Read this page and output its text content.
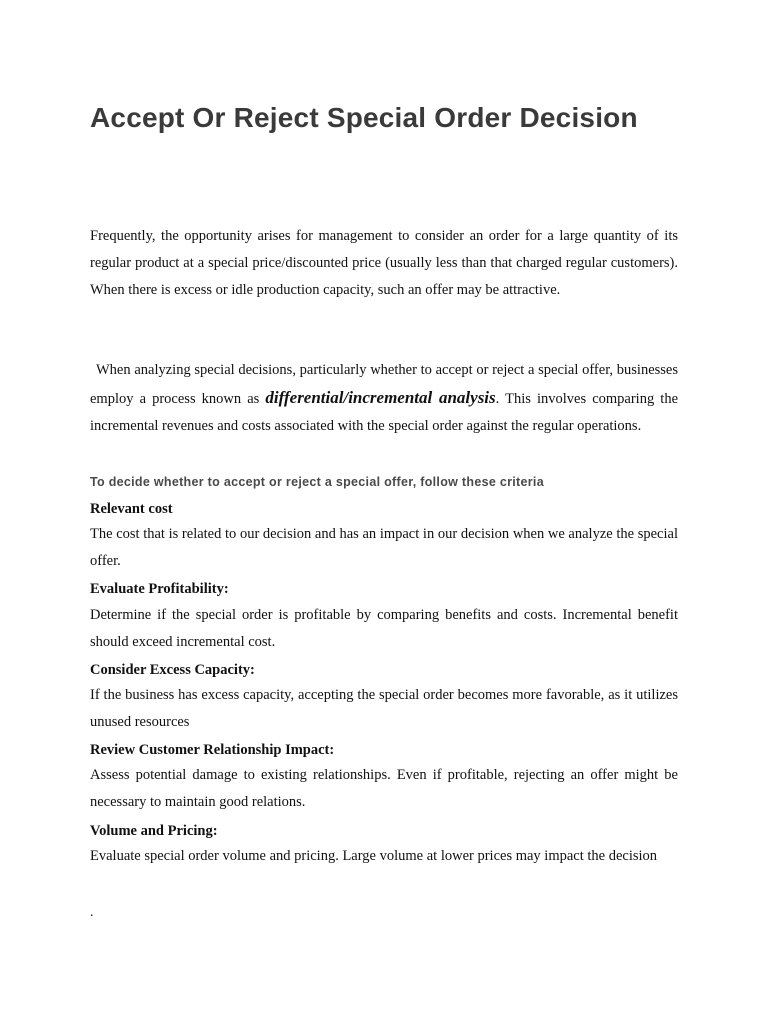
Accept Or Reject Special Order Decision

Frequently, the opportunity arises for management to consider an order for a large quantity of its regular product at a special price/discounted price (usually less than that charged regular customers). When there is excess or idle production capacity, such an offer may be attractive.

When analyzing special decisions, particularly whether to accept or reject a special offer, businesses employ a process known as differential/incremental analysis. This involves comparing the incremental revenues and costs associated with the special order against the regular operations.

To decide whether to accept or reject a special offer, follow these criteria

Relevant cost

The cost that is related to our decision and has an impact in our decision when we analyze the special offer.

Evaluate Profitability:

Determine if the special order is profitable by comparing benefits and costs. Incremental benefit should exceed incremental cost.

Consider Excess Capacity:

If the business has excess capacity, accepting the special order becomes more favorable, as it utilizes unused resources

Review Customer Relationship Impact:

Assess potential damage to existing relationships. Even if profitable, rejecting an offer might be necessary to maintain good relations.

Volume and Pricing:

Evaluate special order volume and pricing. Large volume at lower prices may impact the decision

.
